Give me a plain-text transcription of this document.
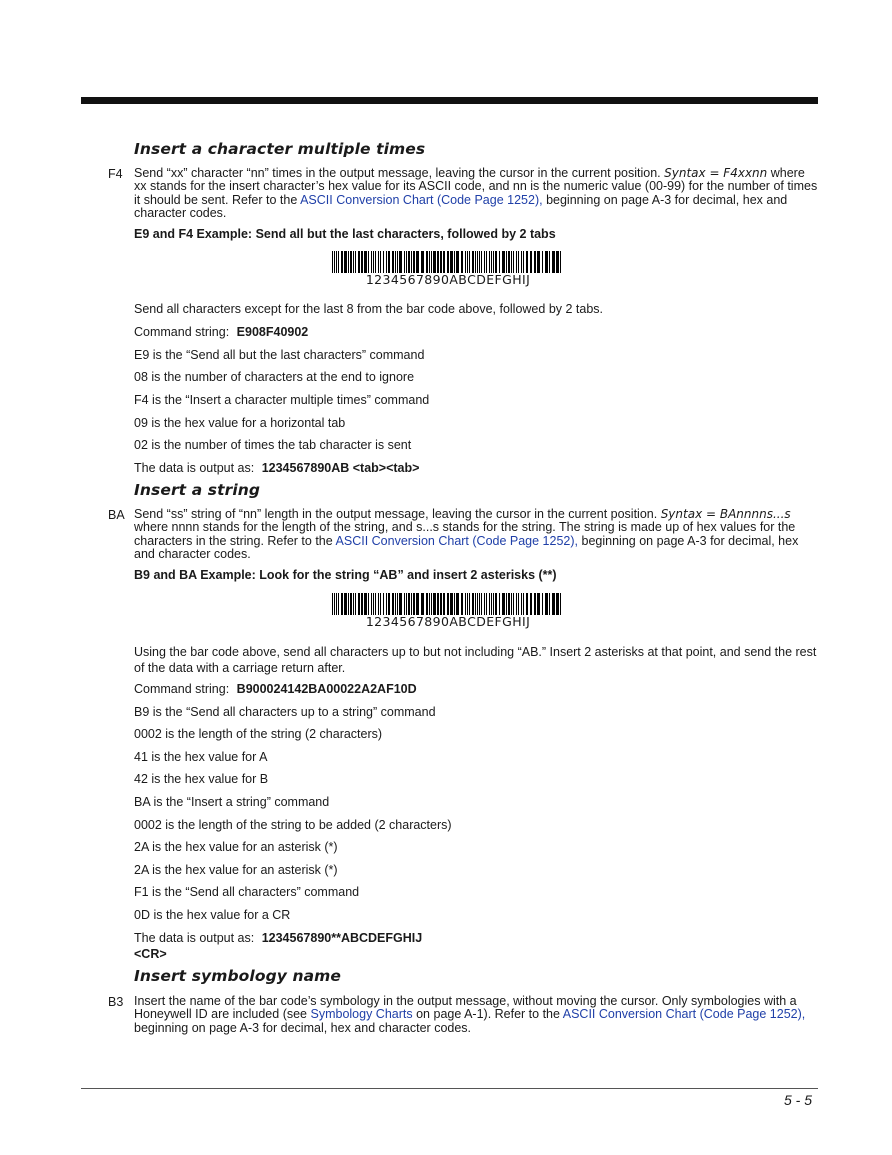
Insert a character multiple times
F4 Send “xx” character “nn” times in the output message, leaving the cursor in the current position. Syntax = F4xxnn where xx stands for the insert character’s hex value for its ASCII code, and nn is the numeric value (00-99) for the number of times it should be sent. Refer to the ASCII Conversion Chart (Code Page 1252), beginning on page A-3 for decimal, hex and character codes.
E9 and F4 Example: Send all but the last characters, followed by 2 tabs
1234567890ABCDEFGHIJ
Send all characters except for the last 8 from the bar code above, followed by 2 tabs.
Command string: E908F40902
E9 is the “Send all but the last characters” command
08 is the number of characters at the end to ignore
F4 is the “Insert a character multiple times” command
09 is the hex value for a horizontal tab
02 is the number of times the tab character is sent
The data is output as: 1234567890AB <tab><tab>
Insert a string
BA Send “ss” string of “nn” length in the output message, leaving the cursor in the current position. Syntax = BAnnnns...s where nnnn stands for the length of the string, and s...s stands for the string. The string is made up of hex values for the characters in the string. Refer to the ASCII Conversion Chart (Code Page 1252), beginning on page A-3 for decimal, hex and character codes.
B9 and BA Example: Look for the string “AB” and insert 2 asterisks (**)
1234567890ABCDEFGHIJ
Using the bar code above, send all characters up to but not including “AB.” Insert 2 asterisks at that point, and send the rest of the data with a carriage return after.
Command string: B900024142BA00022A2AF10D
B9 is the “Send all characters up to a string” command
0002 is the length of the string (2 characters)
41 is the hex value for A
42 is the hex value for B
BA is the “Insert a string” command
0002 is the length of the string to be added (2 characters)
2A is the hex value for an asterisk (*)
2A is the hex value for an asterisk (*)
F1 is the “Send all characters” command
0D is the hex value for a CR
The data is output as: 1234567890**ABCDEFGHIJ
<CR>
Insert symbology name
B3 Insert the name of the bar code’s symbology in the output message, without moving the cursor. Only symbologies with a Honeywell ID are included (see Symbology Charts on page A-1). Refer to the ASCII Conversion Chart (Code Page 1252), beginning on page A-3 for decimal, hex and character codes.
5 - 5
